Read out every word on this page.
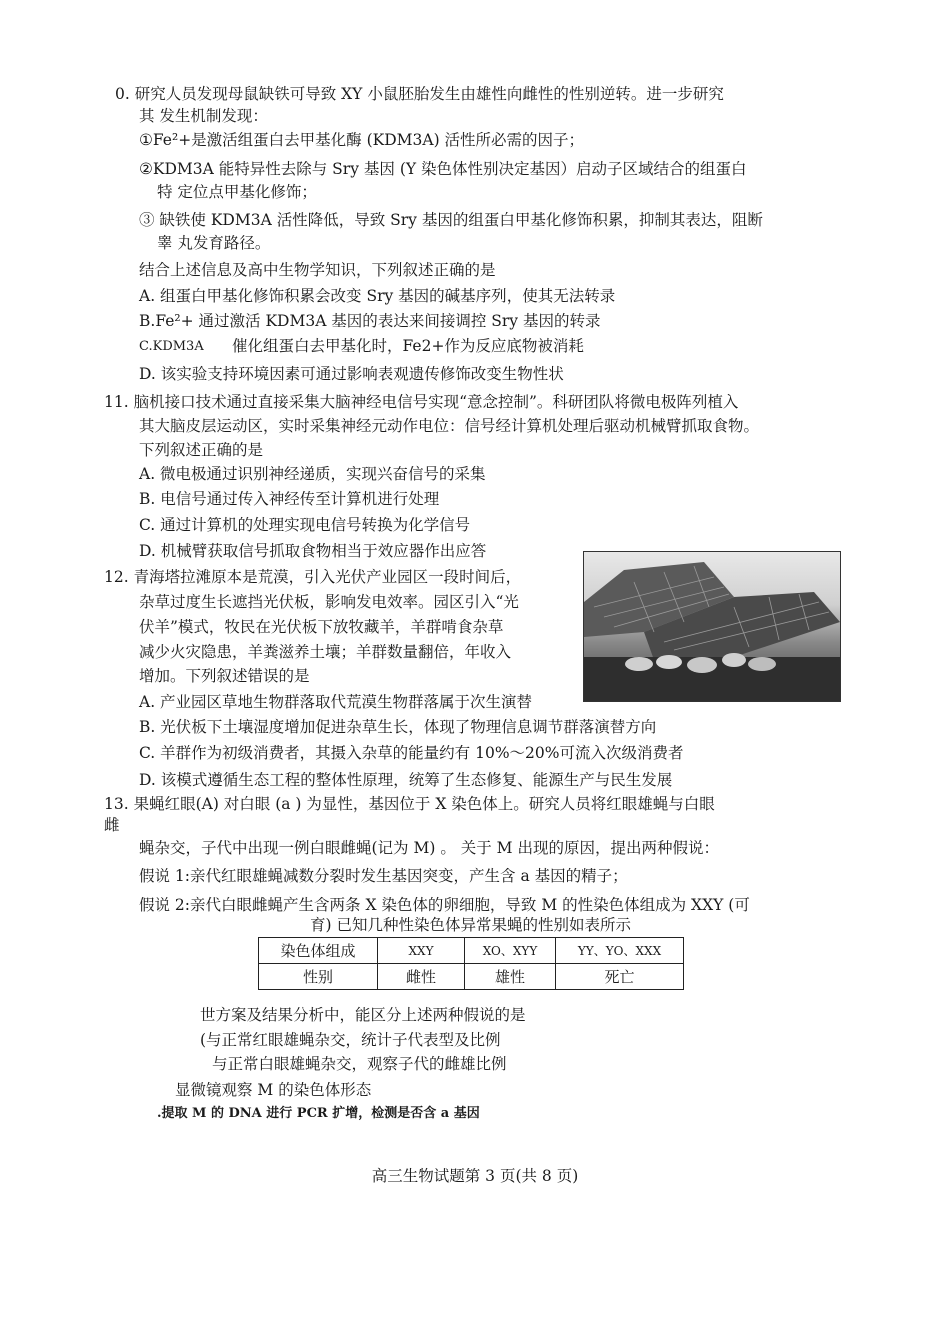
0. 研究人员发现母鼠缺铁可导致 XY 小鼠胚胎发生由雄性向雌性的性别逆转。进一步研究
其 发生机制发现：
①Fe²+是激活组蛋白去甲基化酶 (KDM3A) 活性所必需的因子；
②KDM3A 能特异性去除与 Sry 基因 (Y 染色体性别决定基因）启动子区域结合的组蛋白
特 定位点甲基化修饰；
③ 缺铁使 KDM3A 活性降低，导致 Sry 基因的组蛋白甲基化修饰积累，抑制其表达，阻断
睾 丸发育路径。
结合上述信息及高中生物学知识，下列叙述正确的是
A. 组蛋白甲基化修饰积累会改变 Sry 基因的碱基序列，使其无法转录
B.Fe²+ 通过激活 KDM3A 基因的表达来间接调控 Sry 基因的转录
C.KDM3A 催化组蛋白去甲基化时，Fe2+作为反应底物被消耗
D. 该实验支持环境因素可通过影响表观遗传修饰改变生物性状
11. 脑机接口技术通过直接采集大脑神经电信号实现“意念控制”。科研团队将微电极阵列植入
其大脑皮层运动区，实时采集神经元动作电位：信号经计算机处理后驱动机械臂抓取食物。
下列叙述正确的是
A. 微电极通过识别神经递质，实现兴奋信号的采集
B. 电信号通过传入神经传至计算机进行处理
C. 通过计算机的处理实现电信号转换为化学信号
D. 机械臂获取信号抓取食物相当于效应器作出应答
12. 青海塔拉滩原本是荒漠，引入光伏产业园区一段时间后，
杂草过度生长遮挡光伏板，影响发电效率。园区引入“光
伏羊”模式，牧民在光伏板下放牧藏羊，羊群啃食杂草
减少火灾隐患，羊粪滋养土壤；羊群数量翻倍，年收入
增加。下列叙述错误的是
A. 产业园区草地生物群落取代荒漠生物群落属于次生演替
B. 光伏板下土壤湿度增加促进杂草生长，体现了物理信息调节群落演替方向
C. 羊群作为初级消费者，其摄入杂草的能量约有 10%～20%可流入次级消费者
D. 该模式遵循生态工程的整体性原理，统筹了生态修复、能源生产与民生发展
13. 果蝇红眼(A) 对白眼 (a ) 为显性，基因位于 X 染色体上。研究人员将红眼雄蝇与白眼
雌
蝇杂交，子代中出现一例白眼雌蝇(记为 M) 。 关于 M 出现的原因，提出两种假说：
假说 1:亲代红眼雄蝇减数分裂时发生基因突变，产生含 a 基因的精子；
假说 2:亲代白眼雌蝇产生含两条 X 染色体的卵细胞，导致 M 的性染色体组成为 XXY (可
育) 已知几种性染色体异常果蝇的性别如表所示
染色体组成	XXY	XO、XYY	YY、YO、XXX
性别	雌性	雄性	死亡
世方案及结果分析中，能区分上述两种假说的是
(与正常红眼雄蝇杂交，统计子代表型及比例
与正常白眼雄蝇杂交，观察子代的雌雄比例
显微镜观察 M 的染色体形态
.提取 M 的 DNA 进行 PCR 扩增，检测是否含 a 基因
高三生物试题第 3 页(共 8 页)
